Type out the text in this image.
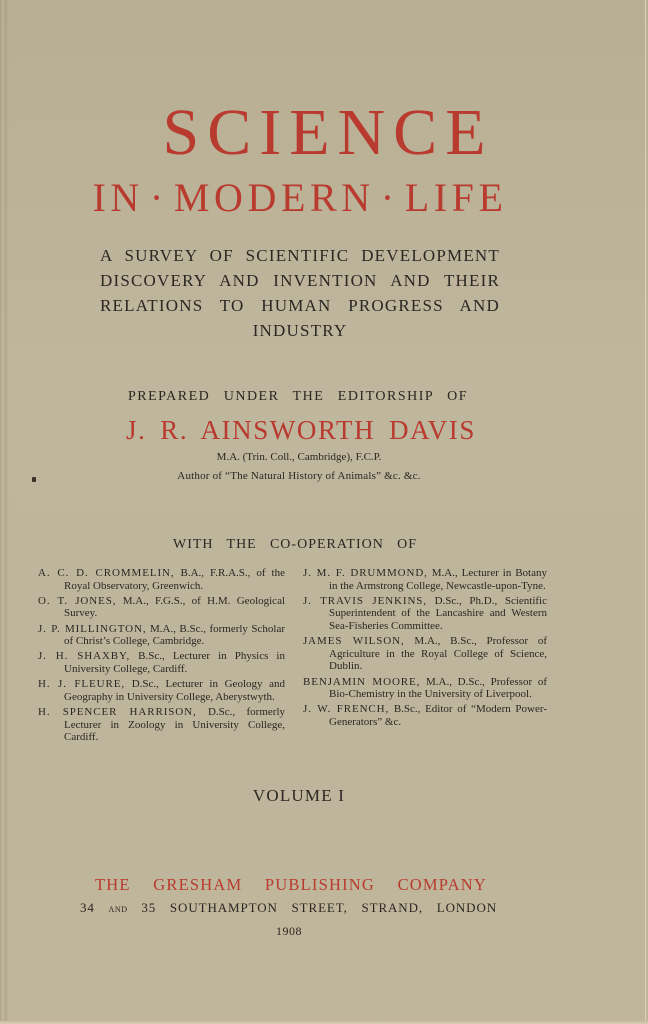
SCIENCE
IN · MODERN · LIFE
A SURVEY OF SCIENTIFIC DEVELOPMENT
DISCOVERY AND INVENTION AND THEIR
RELATIONS TO HUMAN PROGRESS AND
INDUSTRY
PREPARED UNDER THE EDITORSHIP OF
J. R. AINSWORTH DAVIS
M.A. (Trin. Coll., Cambridge), F.C.P.
Author of “The Natural History of Animals” &c. &c.
WITH THE CO-OPERATION OF
A. C. D. CROMMELIN, B.A., F.R.A.S., of the Royal Observatory, Greenwich.
O. T. JONES, M.A., F.G.S., of H.M. Geological Survey.
J. P. MILLINGTON, M.A., B.Sc., formerly Scholar of Christ’s College, Cambridge.
J. H. SHAXBY, B.Sc., Lecturer in Physics in University College, Cardiff.
H. J. FLEURE, D.Sc., Lecturer in Geology and Geography in University College, Aberystwyth.
H. SPENCER HARRISON, D.Sc., formerly Lecturer in Zoology in University College, Cardiff.
J. M. F. DRUMMOND, M.A., Lecturer in Botany in the Armstrong College, Newcastle-upon-Tyne.
J. TRAVIS JENKINS, D.Sc., Ph.D., Scientific Superintendent of the Lancashire and Western Sea-Fisheries Committee.
JAMES WILSON, M.A., B.Sc., Professor of Agriculture in the Royal College of Science, Dublin.
BENJAMIN MOORE, M.A., D.Sc., Professor of Bio-Chemistry in the University of Liverpool.
J. W. FRENCH, B.Sc., Editor of “Modern Power-Generators” &c.
VOLUME I
THE GRESHAM PUBLISHING COMPANY
34 AND 35 SOUTHAMPTON STREET, STRAND, LONDON
1908
